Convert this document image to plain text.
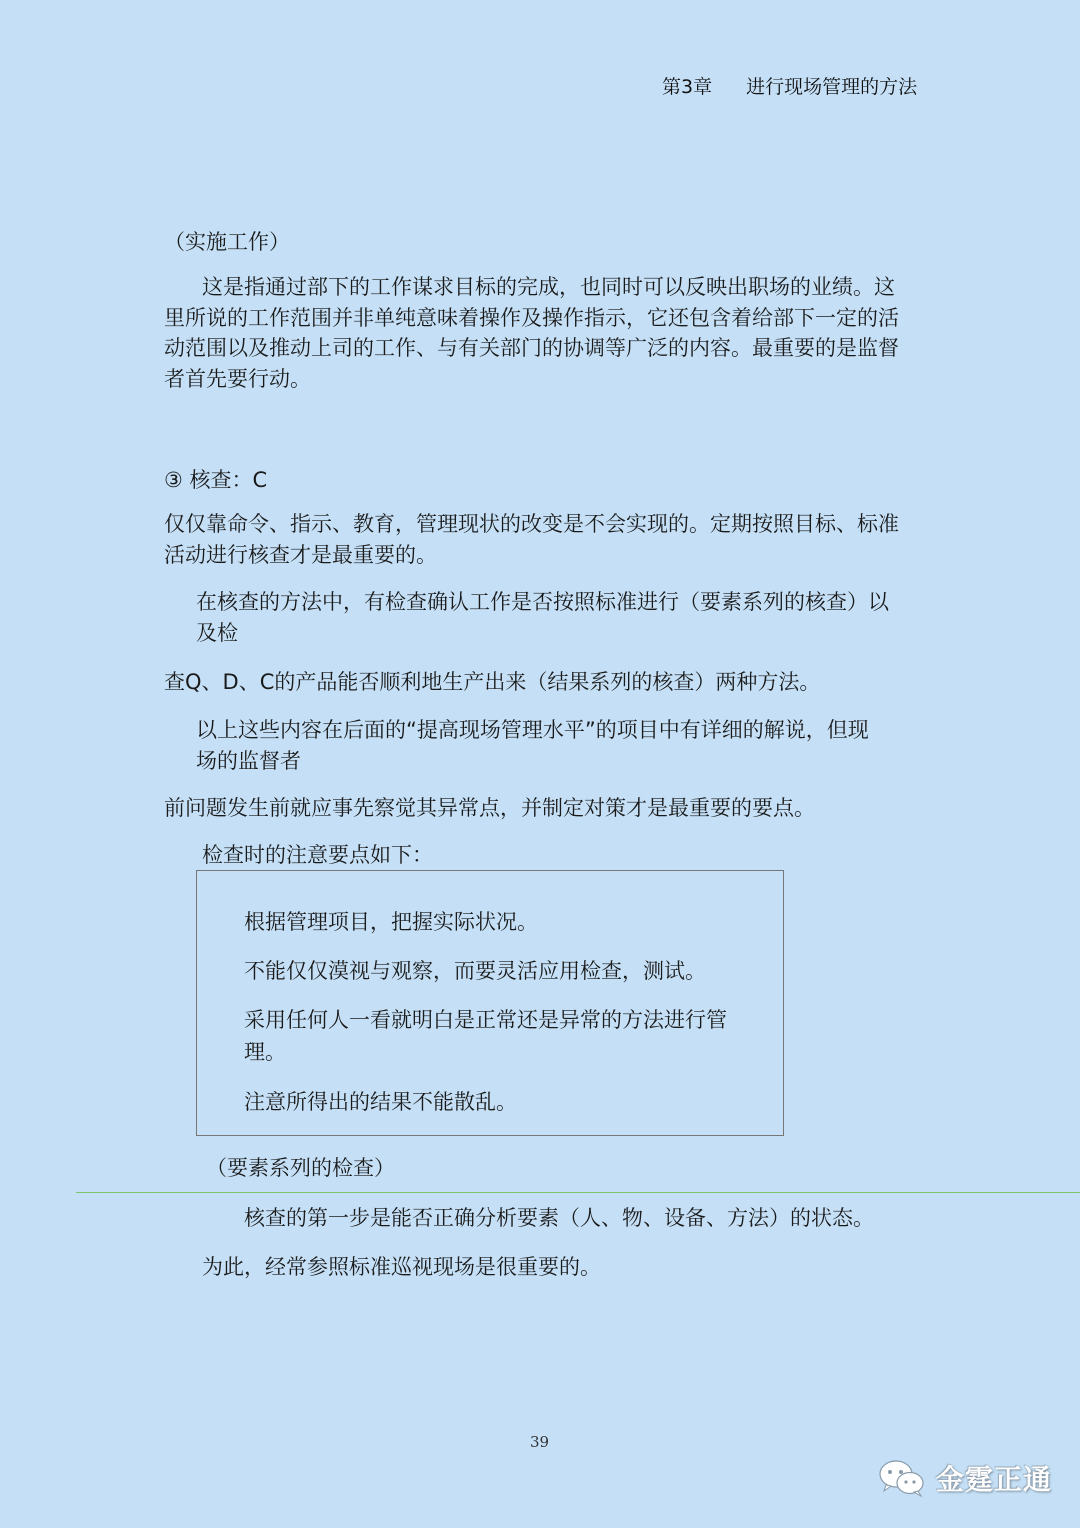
第3章 进行现场管理的方法
（实施工作）
这是指通过部下的工作谋求目标的完成，也同时可以反映出职场的业绩。这
里所说的工作范围并非单纯意味着操作及操作指示，它还包含着给部下一定的活
动范围以及推动上司的工作、与有关部门的协调等广泛的内容。最重要的是监督
者首先要行动。
③ 核查：C
仅仅靠命令、指示、教育，管理现状的改变是不会实现的。定期按照目标、标准
活动进行核查才是最重要的。
在核查的方法中，有检查确认工作是否按照标准进行（要素系列的核查）以
及检
查Q、D、C的产品能否顺利地生产出来（结果系列的核查）两种方法。
以上这些内容在后面的“提高现场管理水平”的项目中有详细的解说，但现
场的监督者
前问题发生前就应事先察觉其异常点，并制定对策才是最重要的要点。
检查时的注意要点如下：
根据管理项目，把握实际状况。
不能仅仅漠视与观察，而要灵活应用检查，测试。
采用任何人一看就明白是正常还是异常的方法进行管
理。
注意所得出的结果不能散乱。
（要素系列的检查）
核查的第一步是能否正确分析要素（人、物、设备、方法）的状态。
为此，经常参照标准巡视现场是很重要的。
39
金霆正通
